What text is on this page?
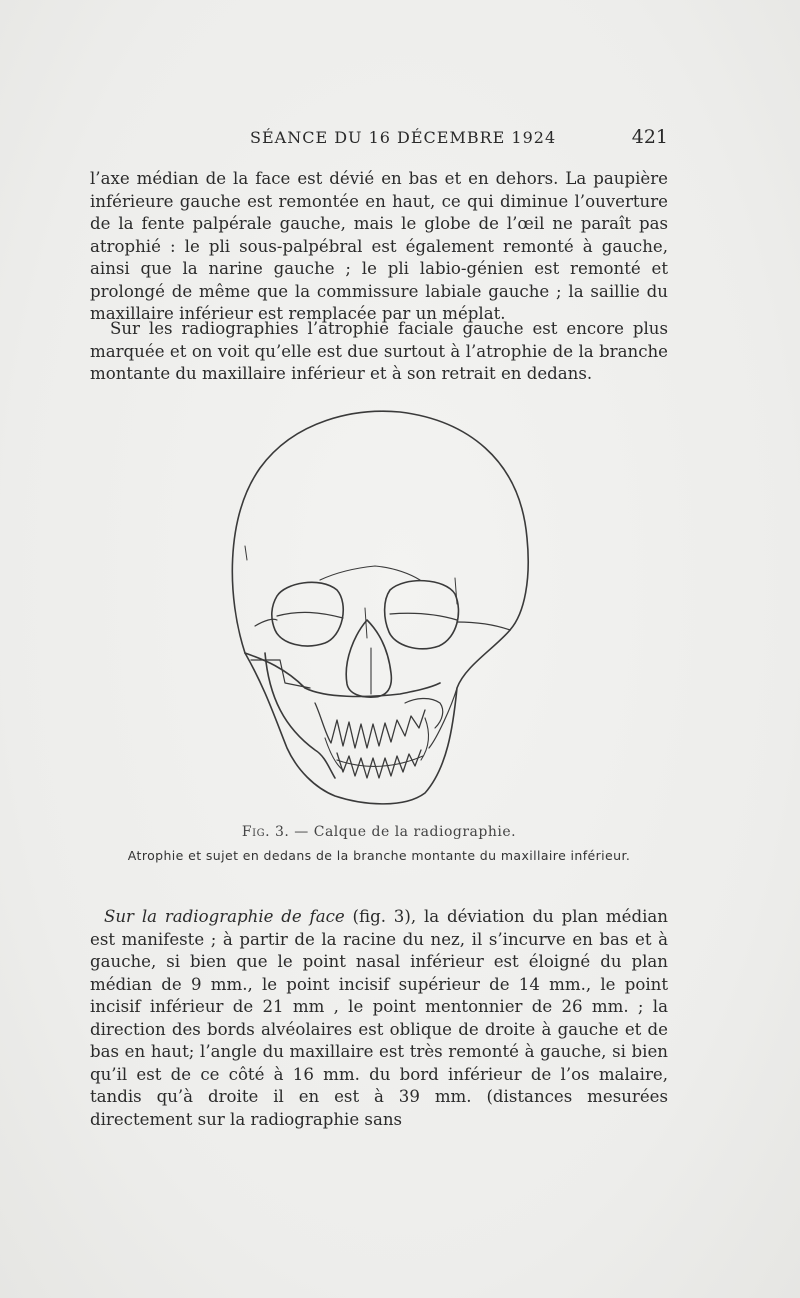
SÉANCE DU 16 DÉCEMBRE 1924	421

l’axe médian de la face est dévié en bas et en dehors. La paupière inférieure gauche est remontée en haut, ce qui diminue l’ouverture de la fente palpérale gauche, mais le globe de l’œil ne paraît pas atrophié : le pli sous-palpébral est également remonté à gauche, ainsi que la narine gauche ; le pli labio-génien est remonté et prolongé de même que la commissure labiale gauche ; la saillie du maxillaire inférieur est remplacée par un méplat.

Sur les radiographies l’atrophie faciale gauche est encore plus marquée et on voit qu’elle est due surtout à l’atrophie de la branche montante du maxillaire inférieur et à son retrait en dedans.

Fig. 3. — Calque de la radiographie.
Atrophie et sujet en dedans de la branche montante du maxillaire inférieur.

Sur la radiographie de face (fig. 3), la déviation du plan médian est manifeste ; à partir de la racine du nez, il s’incurve en bas et à gauche, si bien que le point nasal inférieur est éloigné du plan médian de 9 mm., le point incisif supérieur de 14 mm., le point incisif inférieur de 21 mm , le point mentonnier de 26 mm. ; la direction des bords alvéolaires est oblique de droite à gauche et de bas en haut; l’angle du maxillaire est très remonté à gauche, si bien qu’il est de ce côté à 16 mm. du bord inférieur de l’os malaire, tandis qu’à droite il en est à 39 mm. (distances mesurées directement sur la radiographie sans
